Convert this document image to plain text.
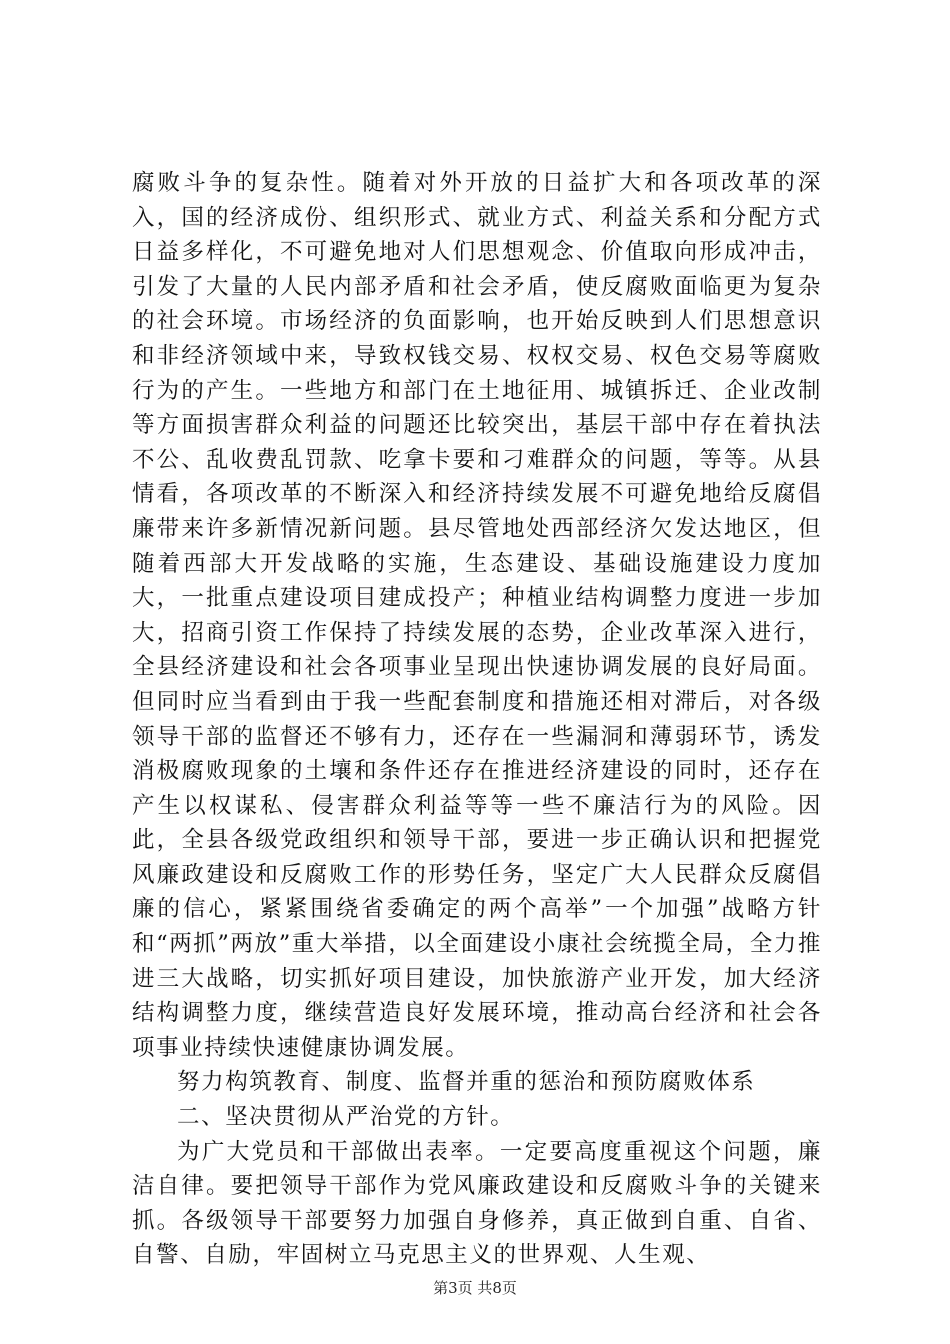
腐败斗争的复杂性。随着对外开放的日益扩大和各项改革的深入，国的经济成份、组织形式、就业方式、利益关系和分配方式日益多样化，不可避免地对人们思想观念、价值取向形成冲击，引发了大量的人民内部矛盾和社会矛盾，使反腐败面临更为复杂的社会环境。市场经济的负面影响，也开始反映到人们思想意识和非经济领域中来，导致权钱交易、权权交易、权色交易等腐败行为的产生。一些地方和部门在土地征用、城镇拆迁、企业改制等方面损害群众利益的问题还比较突出，基层干部中存在着执法不公、乱收费乱罚款、吃拿卡要和刁难群众的问题，等等。从县情看，各项改革的不断深入和经济持续发展不可避免地给反腐倡廉带来许多新情况新问题。县尽管地处西部经济欠发达地区，但随着西部大开发战略的实施，生态建设、基础设施建设力度加大，一批重点建设项目建成投产；种植业结构调整力度进一步加大，招商引资工作保持了持续发展的态势，企业改革深入进行，全县经济建设和社会各项事业呈现出快速协调发展的良好局面。但同时应当看到由于我一些配套制度和措施还相对滞后，对各级领导干部的监督还不够有力，还存在一些漏洞和薄弱环节，诱发消极腐败现象的土壤和条件还存在推进经济建设的同时，还存在产生以权谋私、侵害群众利益等等一些不廉洁行为的风险。因此，全县各级党政组织和领导干部，要进一步正确认识和把握党风廉政建设和反腐败工作的形势任务，坚定广大人民群众反腐倡廉的信心，紧紧围绕省委确定的两个高举”一个加强”战略方针和“两抓”两放”重大举措，以全面建设小康社会统揽全局，全力推进三大战略，切实抓好项目建设，加快旅游产业开发，加大经济结构调整力度，继续营造良好发展环境，推动高台经济和社会各项事业持续快速健康协调发展。

努力构筑教育、制度、监督并重的惩治和预防腐败体系

二、坚决贯彻从严治党的方针。

为广大党员和干部做出表率。一定要高度重视这个问题，廉洁自律。要把领导干部作为党风廉政建设和反腐败斗争的关键来抓。各级领导干部要努力加强自身修养，真正做到自重、自省、自警、自励，牢固树立马克思主义的世界观、人生观、

第3页 共8页
